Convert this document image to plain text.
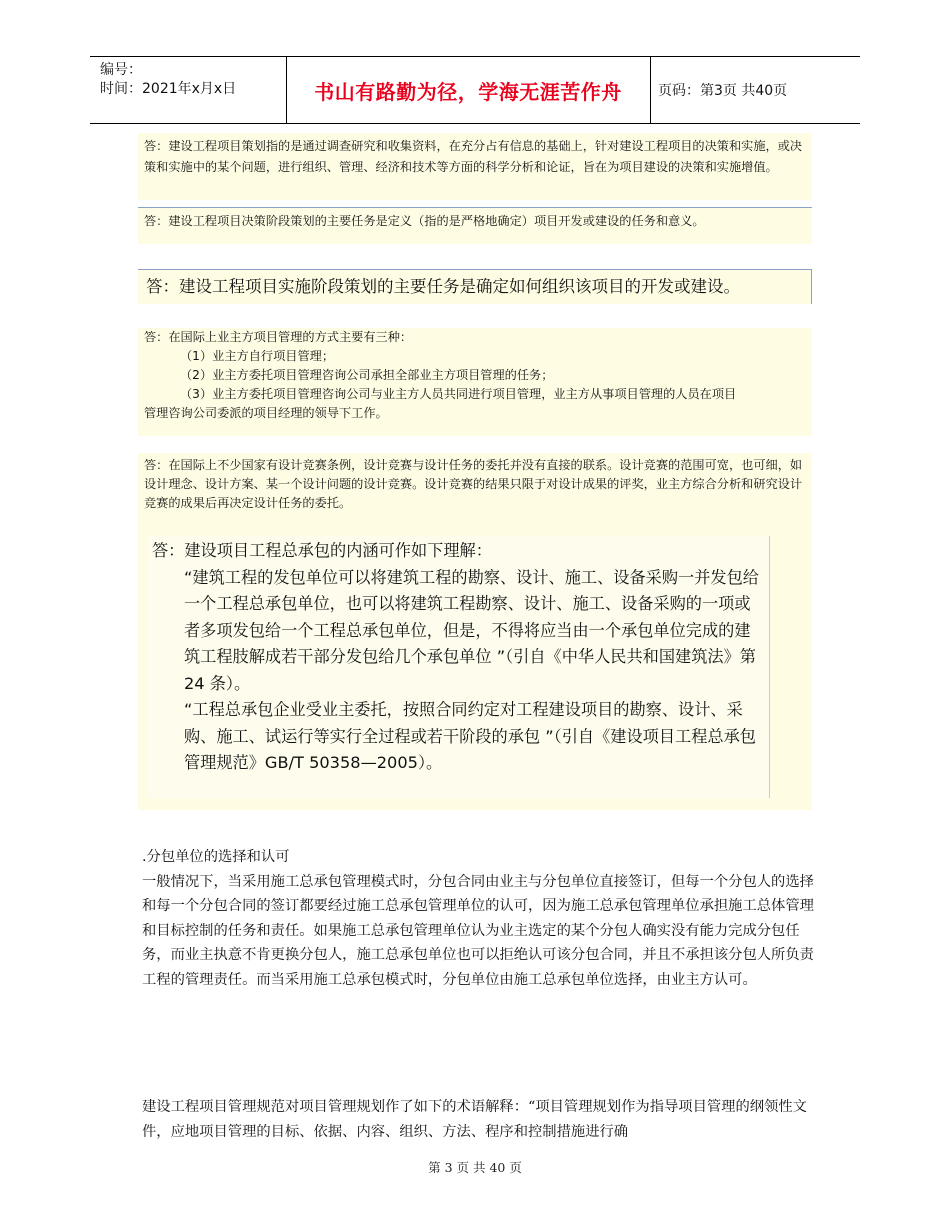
编号：
时间：2021年x月x日	书山有路勤为径，学海无涯苦作舟	页码：第3页 共40页

答：建设工程项目策划指的是通过调查研究和收集资料，在充分占有信息的基础上，针对建设工程项目的决策和实施，或决策和实施中的某个问题，进行组织、管理、经济和技术等方面的科学分析和论证，旨在为项目建设的决策和实施增值。

答：建设工程项目决策阶段策划的主要任务是定义（指的是严格地确定）项目开发或建设的任务和意义。

答：建设工程项目实施阶段策划的主要任务是确定如何组织该项目的开发或建设。

答：在国际上业主方项目管理的方式主要有三种：

（1）业主方自行项目管理；

（2）业主方委托项目管理咨询公司承担全部业主方项目管理的任务；

（3）业主方委托项目管理咨询公司与业主方人员共同进行项目管理，业主方从事项目管理的人员在项目

管理咨询公司委派的项目经理的领导下工作。

答：在国际上不少国家有设计竞赛条例，设计竞赛与设计任务的委托并没有直接的联系。设计竞赛的范围可宽，也可细，如设计理念、设计方案、某一个设计问题的设计竞赛。设计竞赛的结果只限于对设计成果的评奖，业主方综合分析和研究设计竞赛的成果后再决定设计任务的委托。

答：建设项目工程总承包的内涵可作如下理解：

“建筑工程的发包单位可以将建筑工程的勘察、设计、施工、设备采购一并发包给一个工程总承包单位，也可以将建筑工程勘察、设计、施工、设备采购的一项或者多项发包给一个工程总承包单位，但是，不得将应当由一个承包单位完成的建筑工程肢解成若干部分发包给几个承包单位 ”（引自《中华人民共和国建筑法》第 24 条）。

“工程总承包企业受业主委托，按照合同约定对工程建设项目的勘察、设计、采购、施工、试运行等实行全过程或若干阶段的承包 ”（引自《建设项目工程总承包管理规范》GB/T 50358—2005）。

.分包单位的选择和认可
一般情况下，当采用施工总承包管理模式时，分包合同由业主与分包单位直接签订，但每一个分包人的选择和每一个分包合同的签订都要经过施工总承包管理单位的认可，因为施工总承包管理单位承担施工总体管理和目标控制的任务和责任。如果施工总承包管理单位认为业主选定的某个分包人确实没有能力完成分包任务，而业主执意不肯更换分包人，施工总承包单位也可以拒绝认可该分包合同，并且不承担该分包人所负责工程的管理责任。而当采用施工总承包模式时，分包单位由施工总承包单位选择，由业主方认可。
建设工程项目管理规范对项目管理规划作了如下的术语解释：“项目管理规划作为指导项目管理的纲领性文件，应地项目管理的目标、依据、内容、组织、方法、程序和控制措施进行确
第 3 页 共 40 页
